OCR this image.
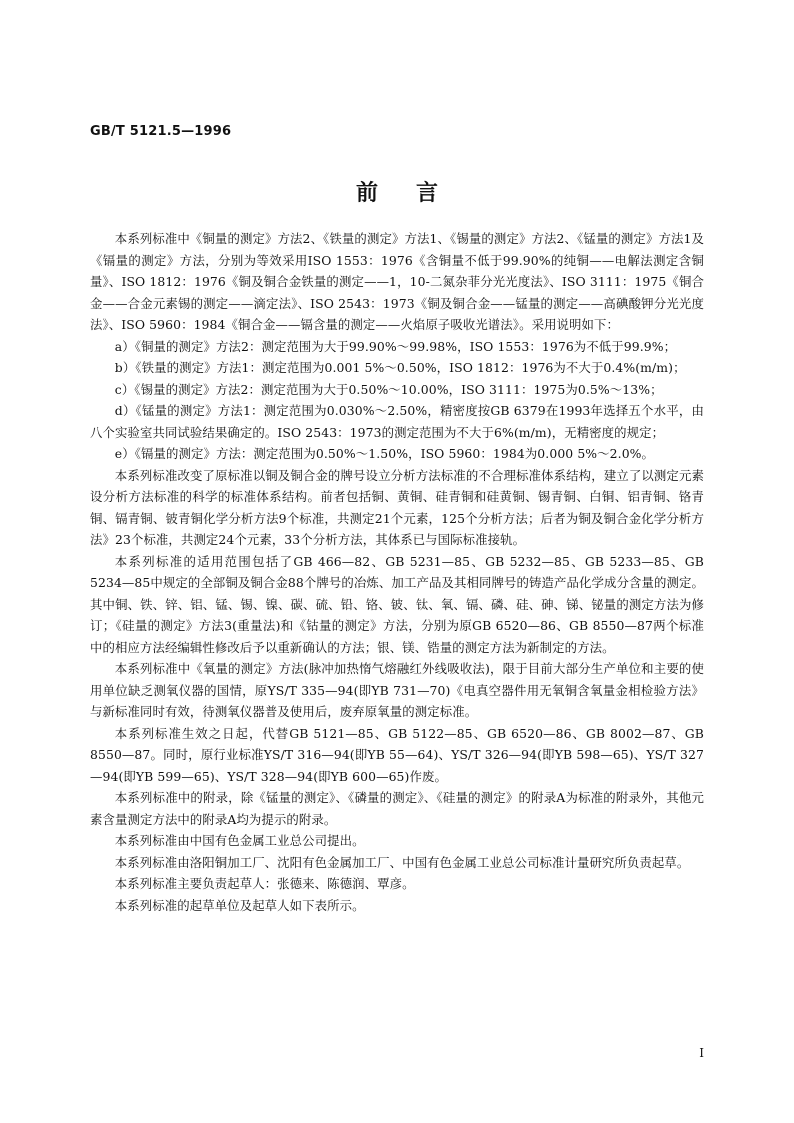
GB/T 5121.5—1996
前言

本系列标准中《铜量的测定》方法2、《铁量的测定》方法1、《锡量的测定》方法2、《锰量的测定》方法1及《镉量的测定》方法，分别为等效采用ISO 1553：1976《含铜量不低于99.90%的纯铜——电解法测定含铜量》、ISO 1812：1976《铜及铜合金铁量的测定——1，10-二氮杂菲分光光度法》、ISO 3111：1975《铜合金——合金元素锡的测定——滴定法》、ISO 2543：1973《铜及铜合金——锰量的测定——高碘酸钾分光光度法》、ISO 5960：1984《铜合金——镉含量的测定——火焰原子吸收光谱法》。采用说明如下：

a）《铜量的测定》方法2：测定范围为大于99.90%～99.98%，ISO 1553：1976为不低于99.9%；

b）《铁量的测定》方法1：测定范围为0.001 5%～0.50%，ISO 1812：1976为不大于0.4%(m/m)；

c）《锡量的测定》方法2：测定范围为大于0.50%～10.00%，ISO 3111：1975为0.5%～13%；

d）《锰量的测定》方法1：测定范围为0.030%～2.50%，精密度按GB 6379在1993年选择五个水平，由八个实验室共同试验结果确定的。ISO 2543：1973的测定范围为不大于6%(m/m)，无精密度的规定；

e）《镉量的测定》方法：测定范围为0.50%～1.50%，ISO 5960：1984为0.000 5%～2.0%。

本系列标准改变了原标准以铜及铜合金的牌号设立分析方法标准的不合理标准体系结构，建立了以测定元素设分析方法标准的科学的标准体系结构。前者包括铜、黄铜、硅青铜和硅黄铜、锡青铜、白铜、铝青铜、铬青铜、镉青铜、铍青铜化学分析方法9个标准，共测定21个元素，125个分析方法；后者为铜及铜合金化学分析方法》23个标准，共测定24个元素，33个分析方法，其体系已与国际标准接轨。

本系列标准的适用范围包括了GB 466—82、GB 5231—85、GB 5232—85、GB 5233—85、GB 5234—85中规定的全部铜及铜合金88个牌号的冶炼、加工产品及其相同牌号的铸造产品化学成分含量的测定。其中铜、铁、锌、铝、锰、锡、镍、碳、硫、铅、铬、铍、钛、氧、镉、磷、硅、砷、锑、铋量的测定方法为修订；《硅量的测定》方法3(重量法)和《钴量的测定》方法，分别为原GB 6520—86、GB 8550—87两个标准中的相应方法经编辑性修改后予以重新确认的方法；银、镁、锆量的测定方法为新制定的方法。

本系列标准中《氧量的测定》方法(脉冲加热惰气熔融红外线吸收法)，限于目前大部分生产单位和主要的使用单位缺乏测氧仪器的国情，原YS/T 335—94(即YB 731—70)《电真空器件用无氧铜含氧量金相检验方法》与新标准同时有效，待测氧仪器普及使用后，废弃原氧量的测定标准。

本系列标准生效之日起，代替GB 5121—85、GB 5122—85、GB 6520—86、GB 8002—87、GB 8550—87。同时，原行业标准YS/T 316—94(即YB 55—64)、YS/T 326—94(即YB 598—65)、YS/T 327—94(即YB 599—65)、YS/T 328—94(即YB 600—65)作废。

本系列标准中的附录，除《锰量的测定》、《磷量的测定》、《硅量的测定》的附录A为标准的附录外，其他元素含量测定方法中的附录A均为提示的附录。

本系列标准由中国有色金属工业总公司提出。

本系列标准由洛阳铜加工厂、沈阳有色金属加工厂、中国有色金属工业总公司标准计量研究所负责起草。

本系列标准主要负责起草人：张德来、陈德润、覃彦。

本系列标准的起草单位及起草人如下表所示。

I
